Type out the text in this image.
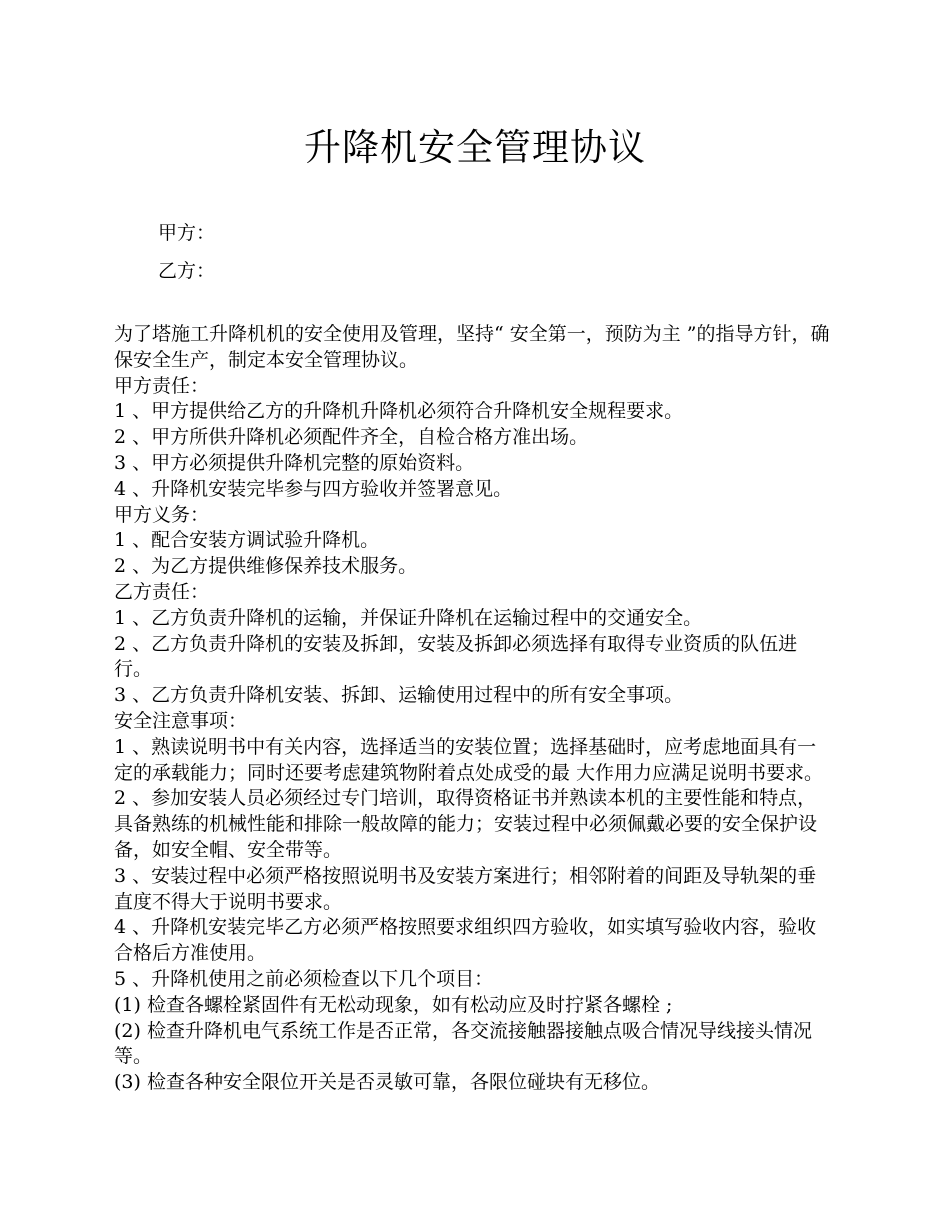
升降机安全管理协议

甲方：

乙方：

为了塔施工升降机机的安全使用及管理，坚持“ 安全第一，预防为主 ”的指导方针，确保安全生产，制定本安全管理协议。

甲方责任：

1 、甲方提供给乙方的升降机升降机必须符合升降机安全规程要求。

2 、甲方所供升降机必须配件齐全，自检合格方准出场。

3 、甲方必须提供升降机完整的原始资料。

4 、升降机安装完毕参与四方验收并签署意见。

甲方义务：

1 、配合安装方调试验升降机。

2 、为乙方提供维修保养技术服务。

乙方责任：

1 、乙方负责升降机的运输，并保证升降机在运输过程中的交通安全。

2 、乙方负责升降机的安装及拆卸，安装及拆卸必须选择有取得专业资质的队伍进行。

3 、乙方负责升降机安装、拆卸、运输使用过程中的所有安全事项。

安全注意事项：

1 、熟读说明书中有关内容，选择适当的安装位置；选择基础时，应考虑地面具有一定的承载能力；同时还要考虑建筑物附着点处成受的最 大作用力应满足说明书要求。

2 、参加安装人员必须经过专门培训，取得资格证书并熟读本机的主要性能和特点，具备熟练的机械性能和排除一般故障的能力；安装过程中必须佩戴必要的安全保护设备，如安全帽、安全带等。

3 、安装过程中必须严格按照说明书及安装方案进行；相邻附着的间距及导轨架的垂直度不得大于说明书要求。

4 、升降机安装完毕乙方必须严格按照要求组织四方验收，如实填写验收内容，验收合格后方准使用。

5 、升降机使用之前必须检查以下几个项目：

(1) 检查各螺栓紧固件有无松动现象，如有松动应及时拧紧各螺栓 ;

(2) 检查升降机电气系统工作是否正常，各交流接触器接触点吸合情况导线接头情况等。

(3) 检查各种安全限位开关是否灵敏可靠，各限位碰块有无移位。
